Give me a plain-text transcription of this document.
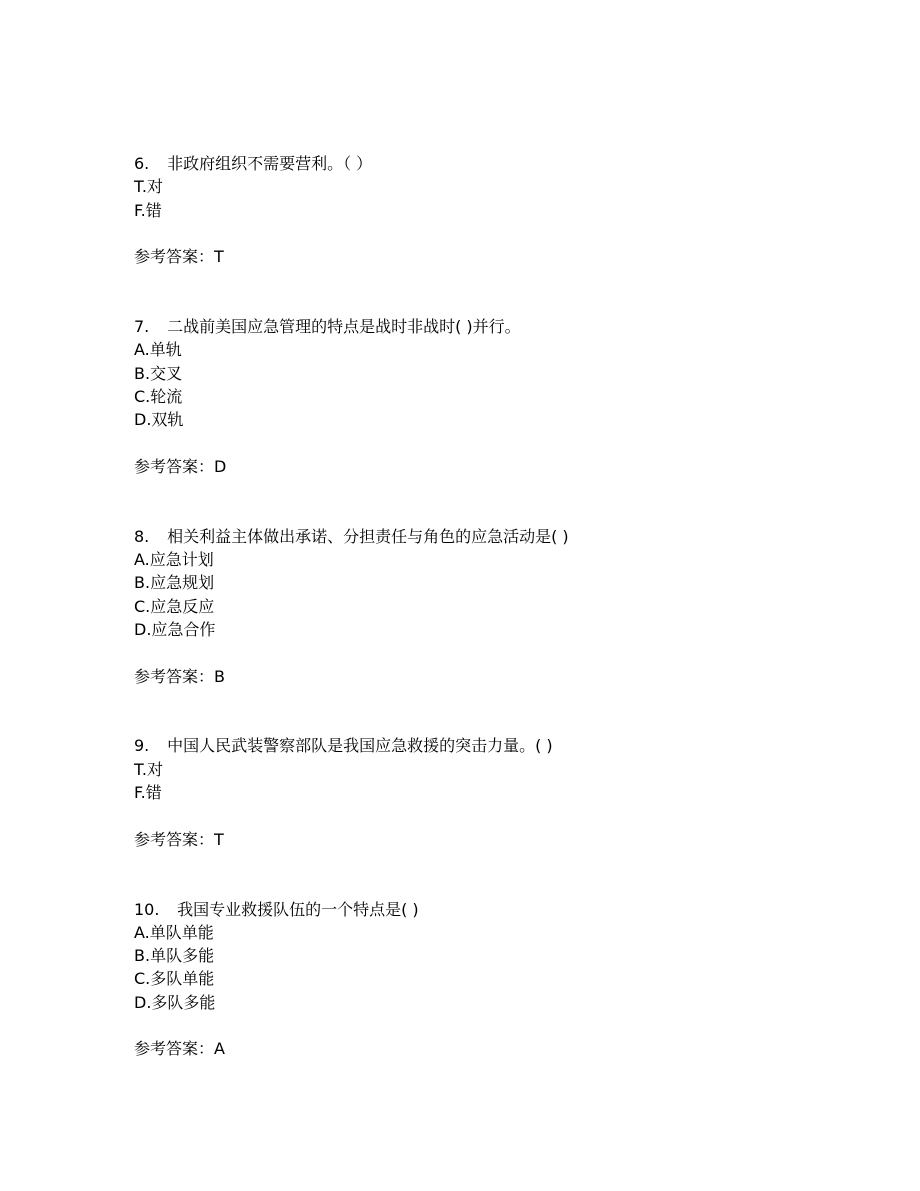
6. 非政府组织不需要营利。（ ）
T.对
F.错
参考答案：T
7. 二战前美国应急管理的特点是战时非战时( )并行。
A.单轨
B.交叉
C.轮流
D.双轨
参考答案：D
8. 相关利益主体做出承诺、分担责任与角色的应急活动是( )
A.应急计划
B.应急规划
C.应急反应
D.应急合作
参考答案：B
9. 中国人民武装警察部队是我国应急救援的突击力量。( )
T.对
F.错
参考答案：T
10. 我国专业救援队伍的一个特点是( )
A.单队单能
B.单队多能
C.多队单能
D.多队多能
参考答案：A
